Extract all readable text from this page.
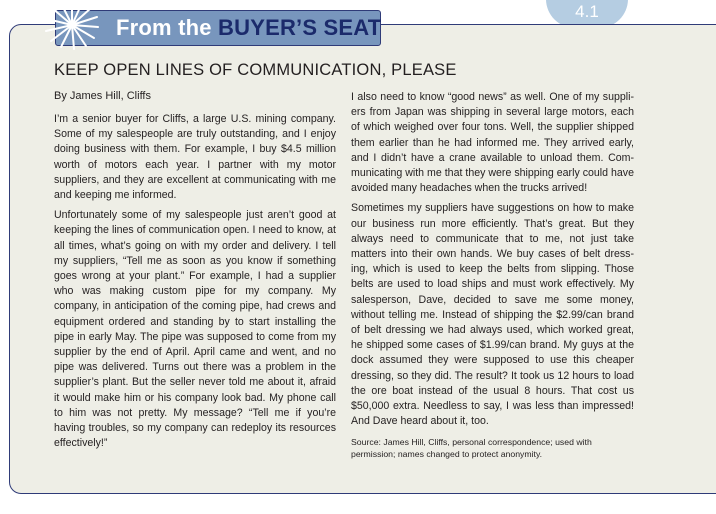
4.1
From the BUYER’S SEAT
KEEP OPEN LINES OF COMMUNICATION, PLEASE
By James Hill, Cliffs

I’m a senior buyer for Cliffs, a large U.S. mining company. Some of my salespeople are truly outstanding, and I enjoy doing business with them. For example, I buy $4.5 million worth of motors each year. I partner with my motor suppliers, and they are excellent at communicating with me and keeping me informed.

Unfortunately some of my salespeople just aren’t good at keeping the lines of communication open. I need to know, at all times, what’s going on with my order and delivery. I tell my suppliers, “Tell me as soon as you know if something goes wrong at your plant.” For example, I had a supplier who was making custom pipe for my company. My company, in anticipation of the coming pipe, had crews and equipment ordered and standing by to start installing the pipe in early May. The pipe was supposed to come from my supplier by the end of April. April came and went, and no pipe was delivered. Turns out there was a problem in the supplier’s plant. But the seller never told me about it, afraid it would make him or his company look bad. My phone call to him was not pretty. My message? “Tell me if you’re having troubles, so my company can redeploy its resources effectively!”

I also need to know “good news” as well. One of my suppliers from Japan was shipping in several large motors, each of which weighed over four tons. Well, the supplier shipped them earlier than he had informed me. They arrived early, and I didn’t have a crane available to unload them. Communicating with me that they were shipping early could have avoided many headaches when the trucks arrived!

Sometimes my suppliers have suggestions on how to make our business run more efficiently. That’s great. But they always need to communicate that to me, not just take matters into their own hands. We buy cases of belt dressing, which is used to keep the belts from slipping. Those belts are used to load ships and must work effectively. My salesperson, Dave, decided to save me some money, without telling me. Instead of shipping the $2.99/can brand of belt dressing we had always used, which worked great, he shipped some cases of $1.99/can brand. My guys at the dock assumed they were supposed to use this cheaper dressing, so they did. The result? It took us 12 hours to load the ore boat instead of the usual 8 hours. That cost us $50,000 extra. Needless to say, I was less than impressed! And Dave heard about it, too.

Source: James Hill, Cliffs, personal correspondence; used with permission; names changed to protect anonymity.
